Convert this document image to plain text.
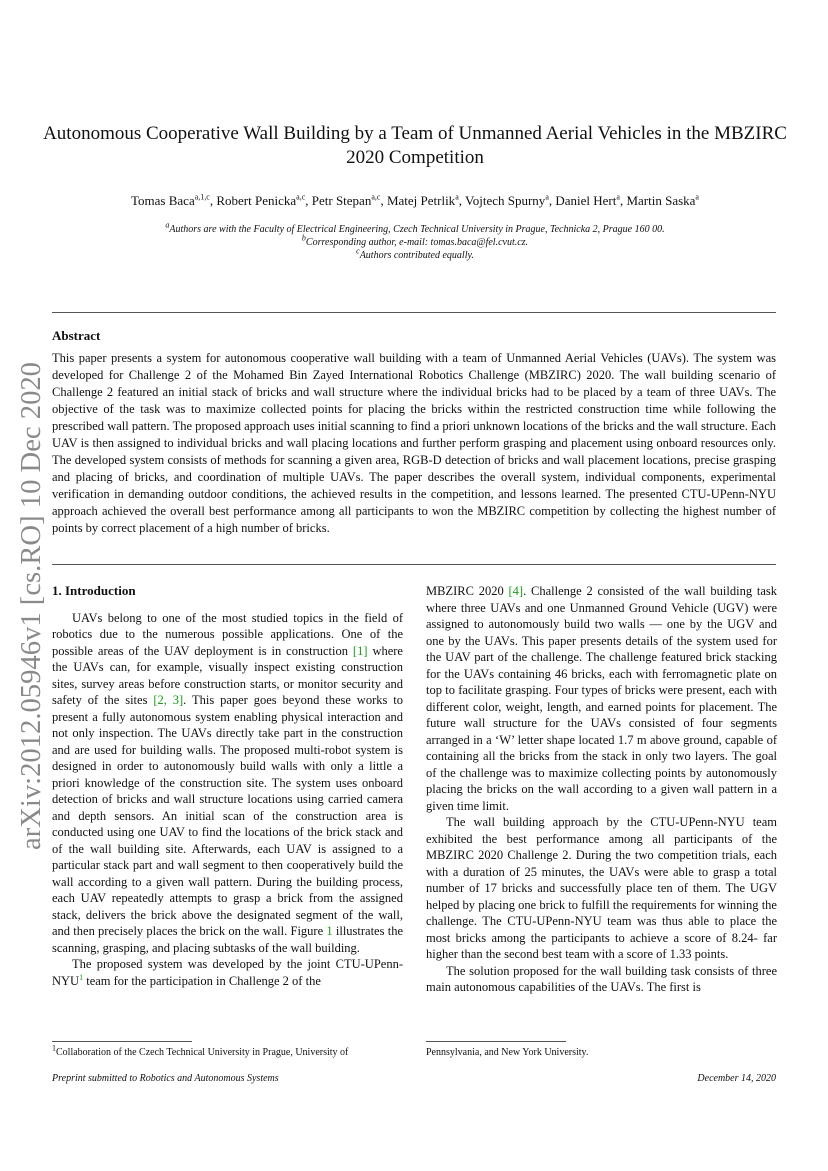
arXiv:2012.05946v1 [cs.RO] 10 Dec 2020
Autonomous Cooperative Wall Building by a Team of Unmanned Aerial Vehicles in the MBZIRC 2020 Competition
Tomas Baca$^{a,1,c}$, Robert Penicka$^{a,c}$, Petr Stepan$^{a,c}$, Matej Petrlik$^a$, Vojtech Spurny$^a$, Daniel Hert$^a$, Martin Saska$^a$
$^a$Authors are with the Faculty of Electrical Engineering, Czech Technical University in Prague, Technicka 2, Prague 160 00.
$^b$Corresponding author, e-mail: tomas.baca@fel.cvut.cz.
$^c$Authors contributed equally.
Abstract
This paper presents a system for autonomous cooperative wall building with a team of Unmanned Aerial Vehicles (UAVs). The system was developed for Challenge 2 of the Mohamed Bin Zayed International Robotics Challenge (MBZIRC) 2020. The wall building scenario of Challenge 2 featured an initial stack of bricks and wall structure where the individual bricks had to be placed by a team of three UAVs. The objective of the task was to maximize collected points for placing the bricks within the restricted construction time while following the prescribed wall pattern. The proposed approach uses initial scanning to find a priori unknown locations of the bricks and the wall structure. Each UAV is then assigned to individual bricks and wall placing locations and further perform grasping and placement using onboard resources only. The developed system consists of methods for scanning a given area, RGB-D detection of bricks and wall placement locations, precise grasping and placing of bricks, and coordination of multiple UAVs. The paper describes the overall system, individual components, experimental verification in demanding outdoor conditions, the achieved results in the competition, and lessons learned. The presented CTU-UPenn-NYU approach achieved the overall best performance among all participants to won the MBZIRC competition by collecting the highest number of points by correct placement of a high number of bricks.

1. Introduction

UAVs belong to one of the most studied topics in the field of robotics due to the numerous possible applications. One of the possible areas of the UAV deployment is in construction [1] where the UAVs can, for example, visually inspect existing construction sites, survey areas before construction starts, or monitor security and safety of the sites [2, 3]. This paper goes beyond these works to present a fully autonomous system enabling physical interaction and not only inspection. The UAVs directly take part in the construction and are used for building walls. The proposed multi-robot system is designed in order to autonomously build walls with only a little a priori knowledge of the construction site. The system uses onboard detection of bricks and wall structure locations using carried camera and depth sensors. An initial scan of the construction area is conducted using one UAV to find the locations of the brick stack and of the wall building site. Afterwards, each UAV is assigned to a particular stack part and wall segment to then cooperatively build the wall according to a given wall pattern. During the building process, each UAV repeatedly attempts to grasp a brick from the assigned stack, delivers the brick above the designated segment of the wall, and then precisely places the brick on the wall. Figure 1 illustrates the scanning, grasping, and placing subtasks of the wall building.

The proposed system was developed by the joint CTU-UPenn-NYU$^1$ team for the participation in Challenge 2 of the

MBZIRC 2020 [4]. Challenge 2 consisted of the wall building task where three UAVs and one Unmanned Ground Vehicle (UGV) were assigned to autonomously build two walls — one by the UGV and one by the UAVs. This paper presents details of the system used for the UAV part of the challenge. The challenge featured brick stacking for the UAVs containing 46 bricks, each with ferromagnetic plate on top to facilitate grasping. Four types of bricks were present, each with different color, weight, length, and earned points for placement. The future wall structure for the UAVs consisted of four segments arranged in a ‘W’ letter shape located 1.7 m above ground, capable of containing all the bricks from the stack in only two layers. The goal of the challenge was to maximize collecting points by autonomously placing the bricks on the wall according to a given wall pattern in a given time limit.

The wall building approach by the CTU-UPenn-NYU team exhibited the best performance among all participants of the MBZIRC 2020 Challenge 2. During the two competition trials, each with a duration of 25 minutes, the UAVs were able to grasp a total number of 17 bricks and successfully place ten of them. The UGV helped by placing one brick to fulfill the requirements for winning the challenge. The CTU-UPenn-NYU team was thus able to place the most bricks among the participants to achieve a score of 8.24- far higher than the second best team with a score of 1.33 points.

The solution proposed for the wall building task consists of three main autonomous capabilities of the UAVs. The first is

$^1$Collaboration of the Czech Technical University in Prague, University of	Pennsylvania, and New York University.
Preprint submitted to Robotics and Autonomous Systems	December 14, 2020
